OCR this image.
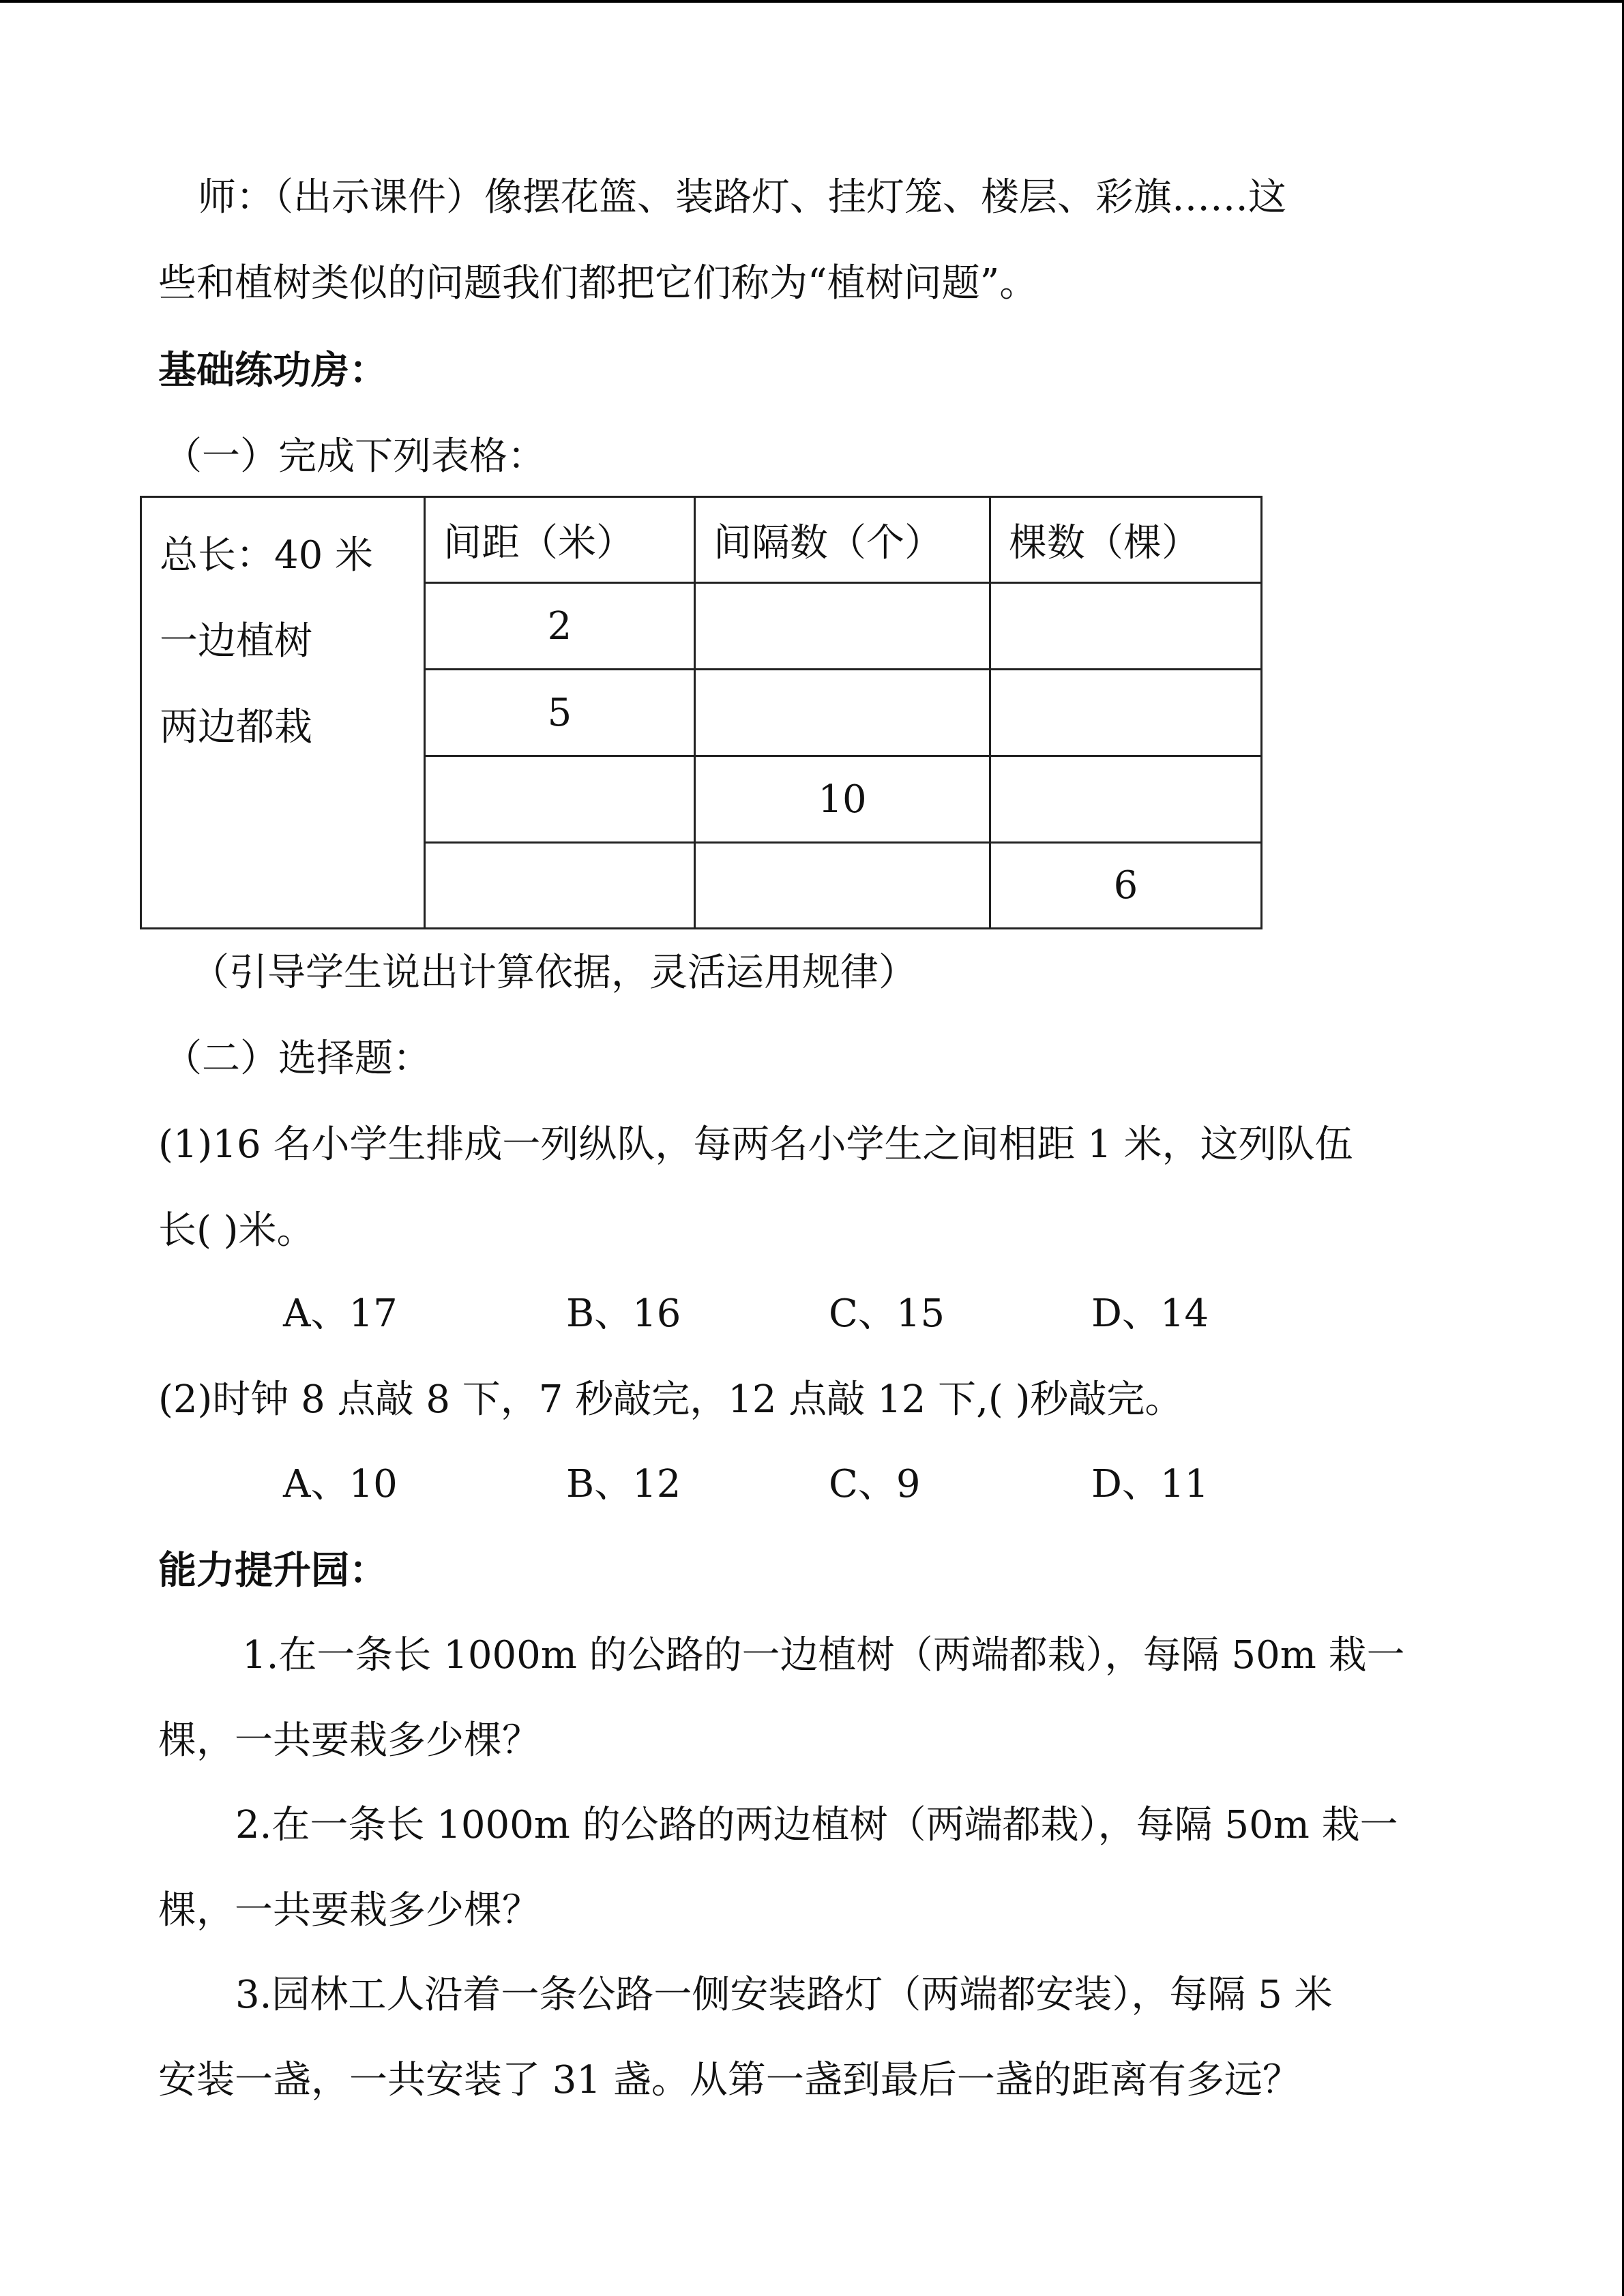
师：（出示课件）像摆花篮、装路灯、挂灯笼、楼层、彩旗……这
些和植树类似的问题我们都把它们称为“植树问题”。
基础练功房：
（一）完成下列表格：
总长：40 米
一边植树
两边都栽	间距（米）	间隔数（个）	棵数（棵）
	2		
	5		
		10	
			6
（引导学生说出计算依据，灵活运用规律）
（二）选择题：
(1)16 名小学生排成一列纵队，每两名小学生之间相距 1 米，这列队伍
长( )米。
A、17	B、16	C、15	D、14
(2)时钟 8 点敲 8 下，7 秒敲完，12 点敲 12 下,( )秒敲完。
A、10	B、12	C、9	D、11
能力提升园：
1.在一条长 1000m 的公路的一边植树（两端都栽），每隔 50m 栽一
棵，一共要栽多少棵？
2.在一条长 1000m 的公路的两边植树（两端都栽），每隔 50m 栽一
棵，一共要栽多少棵？
3.园林工人沿着一条公路一侧安装路灯（两端都安装），每隔 5 米
安装一盏，一共安装了 31 盏。从第一盏到最后一盏的距离有多远？
